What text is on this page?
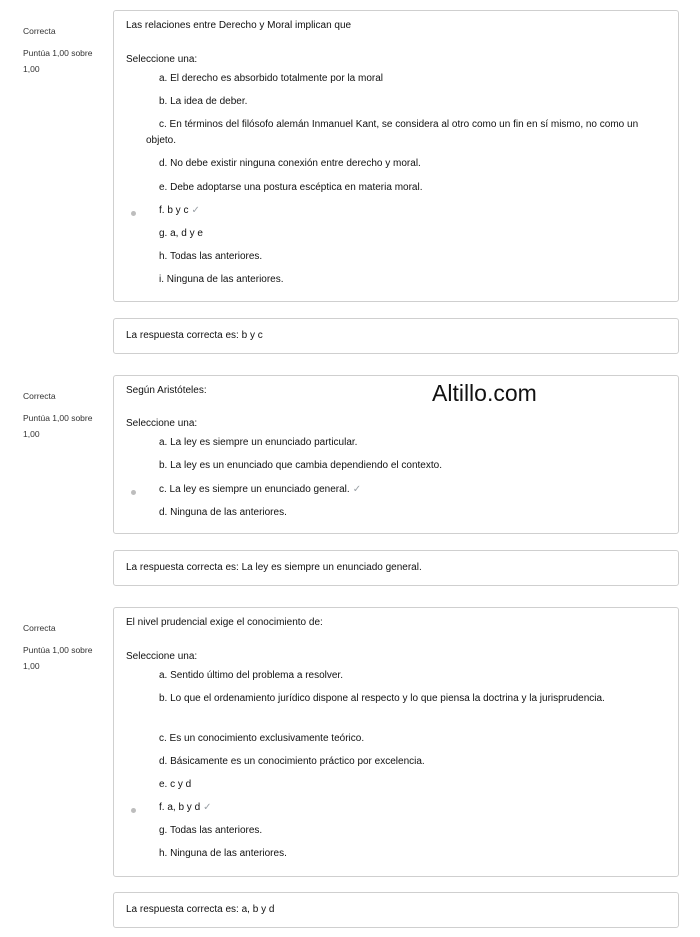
Correcta
Puntúa 1,00 sobre 1,00
Las relaciones entre Derecho y Moral implican que
Seleccione una:
a. El derecho es absorbido totalmente por la moral
b. La idea de deber.
c. En términos del filósofo alemán Inmanuel Kant, se considera al otro como un fin en sí mismo, no como un objeto.
d. No debe existir ninguna conexión entre derecho y moral.
e. Debe adoptarse una postura escéptica en materia moral.
f. b y c ✓
g. a, d y e
h. Todas las anteriores.
i. Ninguna de las anteriores.
La respuesta correcta es: b y c
Correcta
Puntúa 1,00 sobre 1,00
Según Aristóteles:
Seleccione una:
a. La ley es siempre un enunciado particular.
b. La ley es un enunciado que cambia dependiendo el contexto.
c. La ley es siempre un enunciado general. ✓
d. Ninguna de las anteriores.
Altillo.com
La respuesta correcta es: La ley es siempre un enunciado general.
Correcta
Puntúa 1,00 sobre 1,00
El nivel prudencial exige el conocimiento de:
Seleccione una:
a. Sentido último del problema a resolver.
b. Lo que el ordenamiento jurídico dispone al respecto y lo que piensa la doctrina y la jurisprudencia.
c. Es un conocimiento exclusivamente teórico.
d. Básicamente es un conocimiento práctico por excelencia.
e. c y d
f. a, b y d ✓
g. Todas las anteriores.
h. Ninguna de las anteriores.
La respuesta correcta es: a, b y d
